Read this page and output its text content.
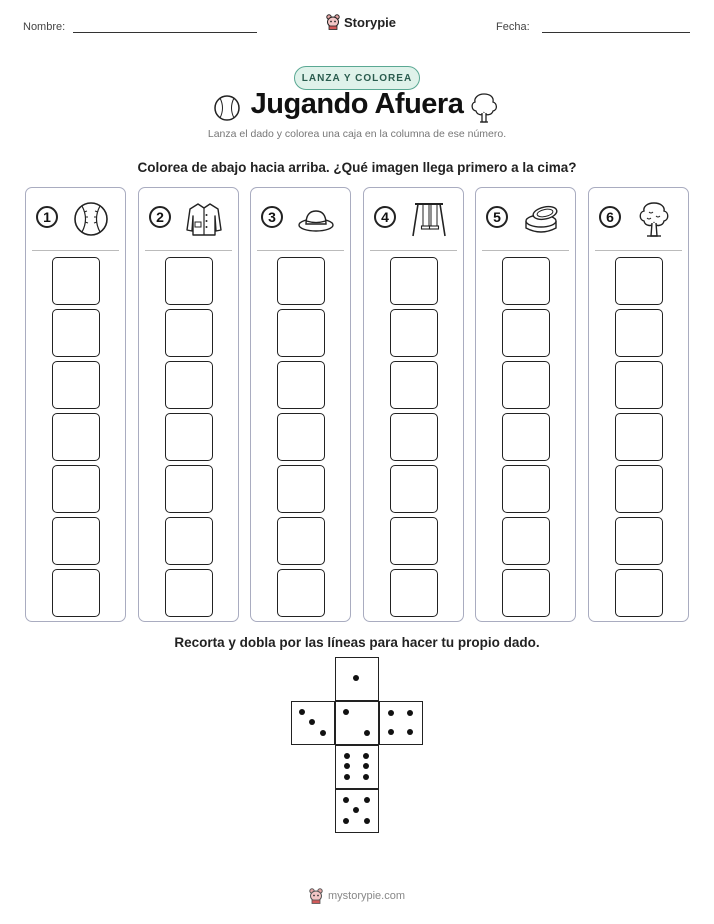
Nombre:	Storypie	Fecha:
LANZA Y COLOREA
Jugando Afuera
Lanza el dado y colorea una caja en la columna de ese número.
Colorea de abajo hacia arriba. ¿Qué imagen llega primero a la cima?
1	2	3	4	5	6
Recorta y dobla por las líneas para hacer tu propio dado.
mystorypie.com
